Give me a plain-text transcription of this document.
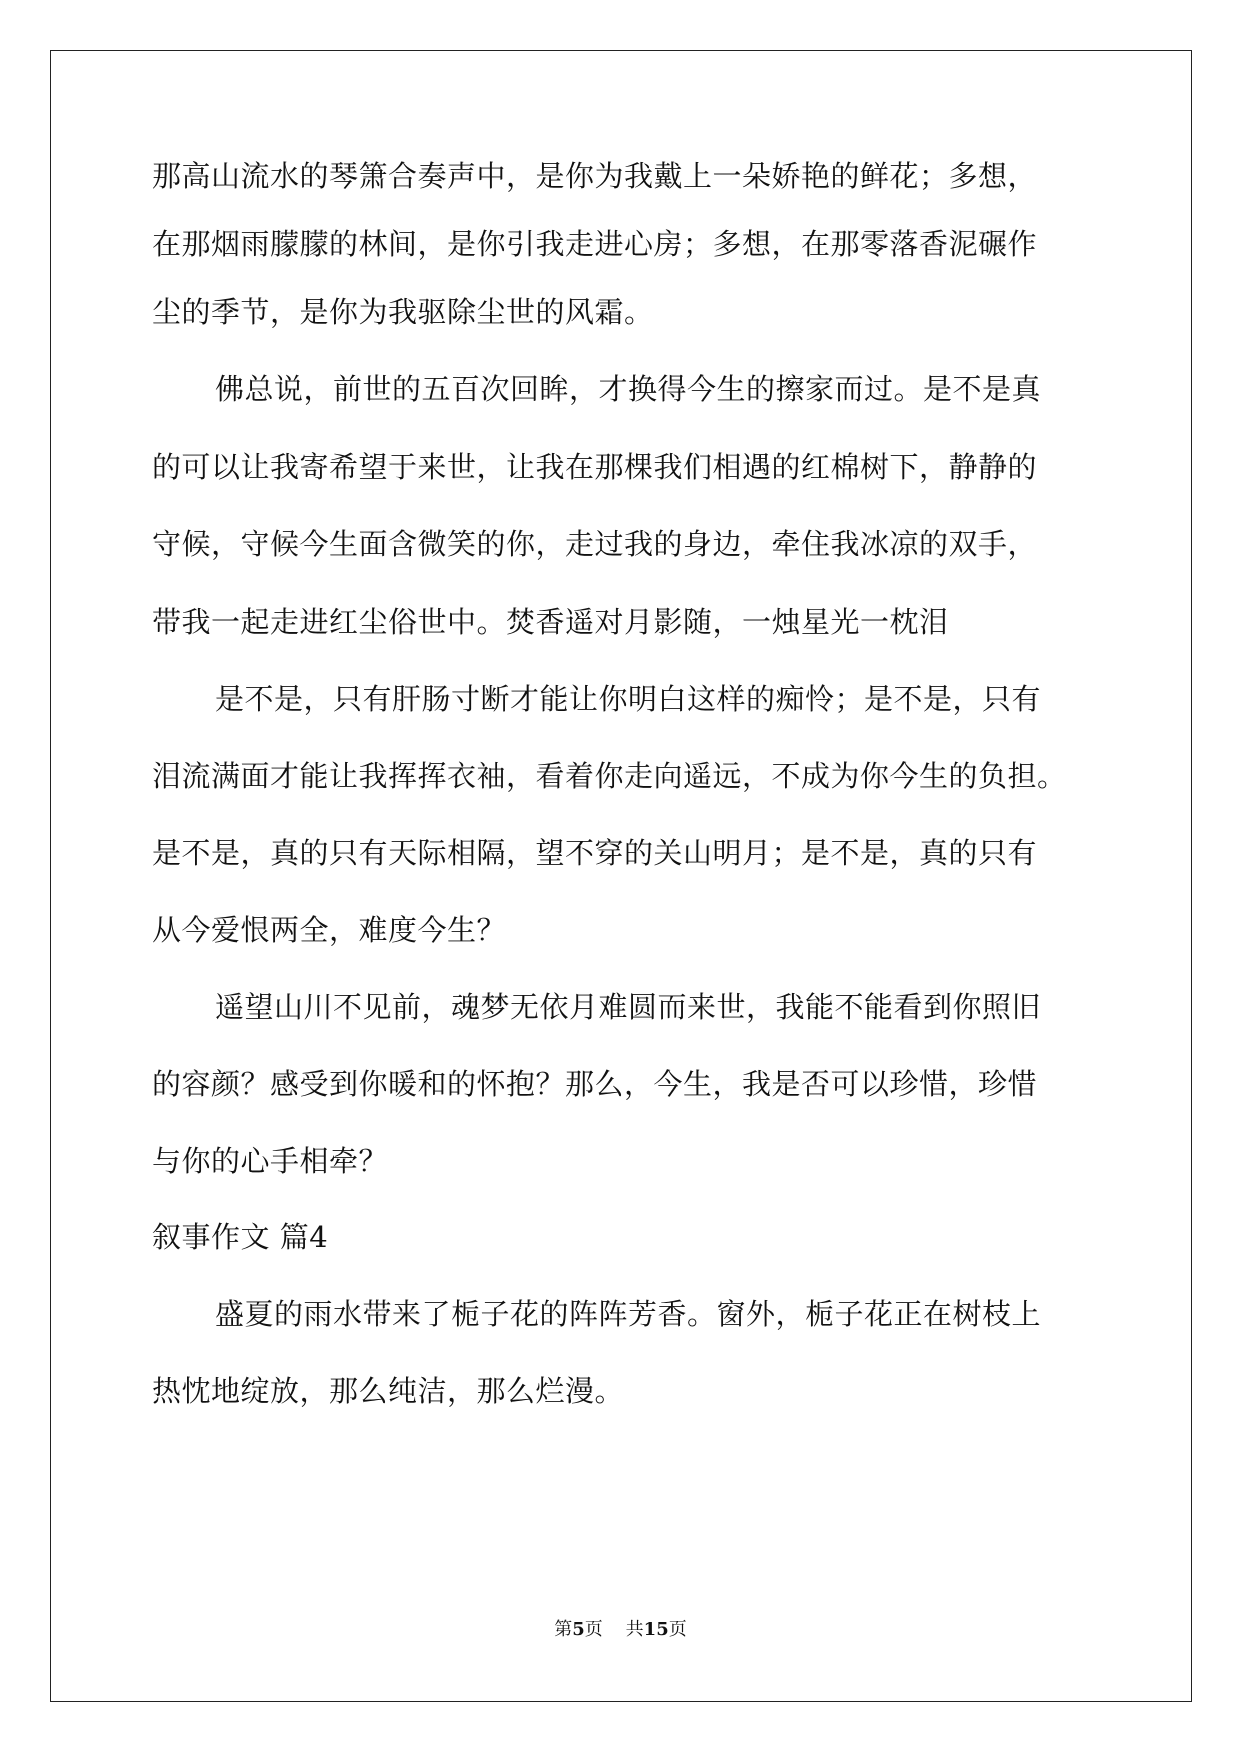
那高山流水的琴箫合奏声中，是你为我戴上一朵娇艳的鲜花；多想，
在那烟雨朦朦的林间，是你引我走进心房；多想，在那零落香泥碾作
尘的季节，是你为我驱除尘世的风霜。
佛总说，前世的五百次回眸，才换得今生的擦家而过。是不是真
的可以让我寄希望于来世，让我在那棵我们相遇的红棉树下，静静的
守候，守候今生面含微笑的你，走过我的身边，牵住我冰凉的双手，
带我一起走进红尘俗世中。焚香遥对月影随，一烛星光一枕泪
是不是，只有肝肠寸断才能让你明白这样的痴怜；是不是，只有
泪流满面才能让我挥挥衣袖，看着你走向遥远，不成为你今生的负担。
是不是，真的只有天际相隔，望不穿的关山明月；是不是，真的只有
从今爱恨两全，难度今生？
遥望山川不见前，魂梦无依月难圆而来世，我能不能看到你照旧
的容颜？感受到你暖和的怀抱？那么，今生，我是否可以珍惜，珍惜
与你的心手相牵？
叙事作文 篇4
盛夏的雨水带来了栀子花的阵阵芳香。窗外，栀子花正在树枝上
热忱地绽放，那么纯洁，那么烂漫。
第5页 共15页
